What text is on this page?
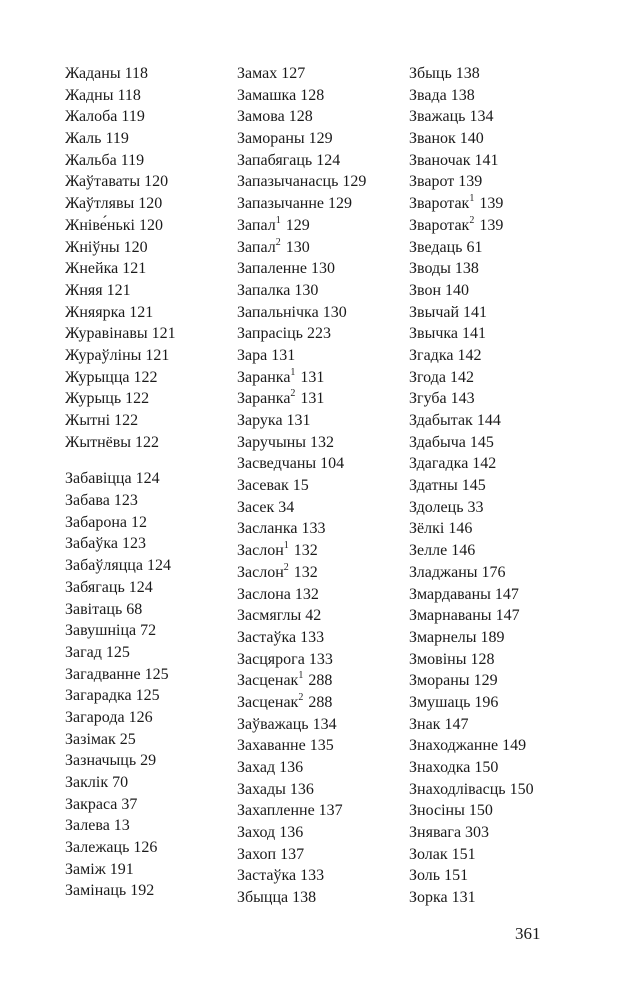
Жаданы 118
Жадны 118
Жалоба 119
Жаль 119
Жальба 119
Жаўтаваты 120
Жаўтлявы 120
Жніве́нькі 120
Жніўны 120
Жнейка 121
Жняя 121
Жняярка 121
Журавінавы 121
Жураўліны 121
Журыцца 122
Журыць 122
Жытні 122
Жытнёвы 122
Забавіцца 124
Забава 123
Забарона 12
Забаўка 123
Забаўляцца 124
Забягаць 124
Завітаць 68
Завушніца 72
Загад 125
Загадванне 125
Загарадка 125
Загарода 126
Зазімак 25
Зазначыць 29
Заклік 70
Закраса 37
Залева 13
Залежаць 126
Заміж 191
Замінаць 192
Замах 127
Замашка 128
Замова 128
Заморaны 129
Запабягаць 124
Запазычанасць 129
Запазычанне 129
Запал$^1$ 129
Запал$^2$ 130
Запаленне 130
Запалка 130
Запальнічка 130
Запрасіць 223
Зара 131
Заранка$^1$ 131
Заранка$^2$ 131
Зарука 131
Заручыны 132
Засведчаны 104
Засевак 15
Засек 34
Засланка 133
Заслон$^1$ 132
Заслон$^2$ 132
Заслона 132
Засмяглы 42
Застаўка 133
Засцярога 133
Засценак$^1$ 288
Засценак$^2$ 288
Заўважаць 134
Захаванне 135
Захад 136
Захады 136
Захапленне 137
Заход 136
Захоп 137
Застаўка 133
Збыцца 138
Збыць 138
Звада 138
Зважаць 134
Званок 140
Званочак 141
Зварот 139
Зваротак$^1$ 139
Зваротак$^2$ 139
Зведаць 61
Зводы 138
Звон 140
Звычай 141
Звычка 141
Згадка 142
Згода 142
Згуба 143
Здабытак 144
Здабыча 145
Здагадка 142
Здатны 145
Здолець 33
Зёлкі 146
Зелле 146
Зладжаны 176
Змардаваны 147
Змарнаваны 147
Змарнелы 189
Змовіны 128
Зморaны 129
Змушаць 196
Знак 147
Знаходжанне 149
Знаходка 150
Знаходлівасць 150
Зносіны 150
Знявага 303
Золак 151
Золь 151
Зорка 131
361
